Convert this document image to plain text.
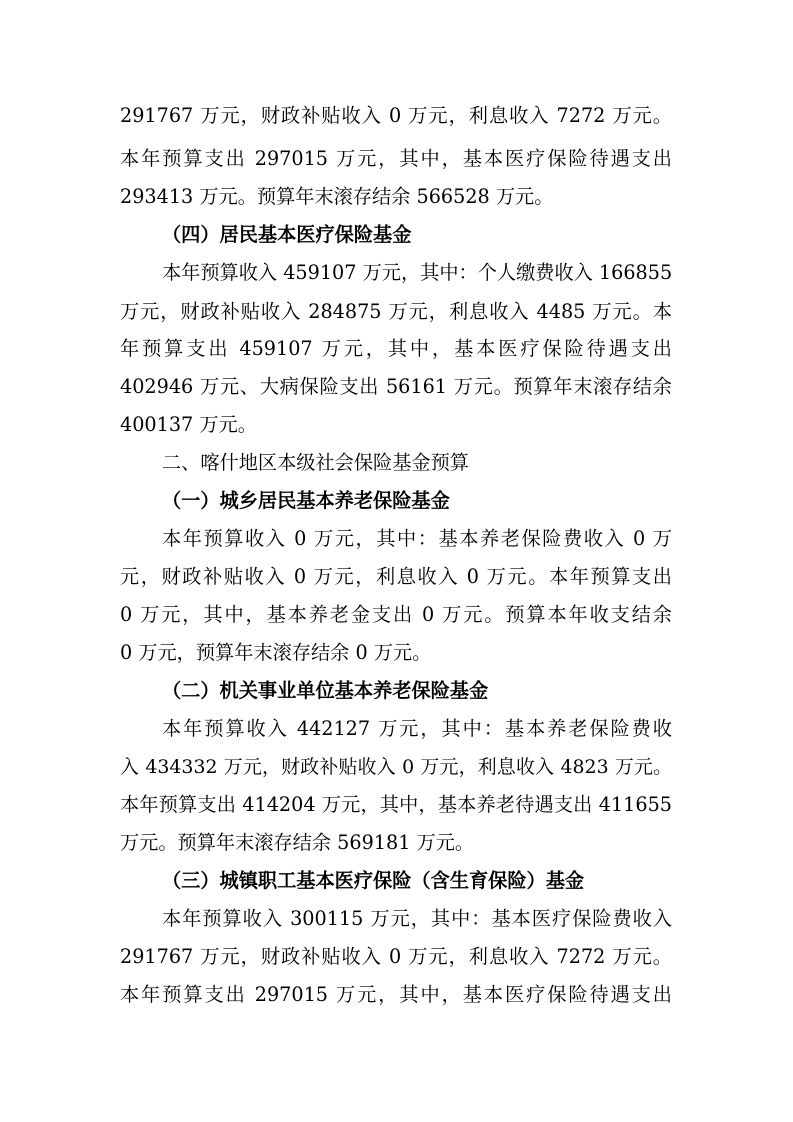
291767 万元，财政补贴收入 0 万元，利息收入 7272 万元。
本年预算支出 297015 万元，其中，基本医疗保险待遇支出
293413 万元。预算年末滚存结余 566528 万元。
（四）居民基本医疗保险基金
本年预算收入 459107 万元，其中：个人缴费收入 166855
万元，财政补贴收入 284875 万元，利息收入 4485 万元。本
年预算支出 459107 万元，其中，基本医疗保险待遇支出
402946 万元、大病保险支出 56161 万元。预算年末滚存结余
400137 万元。
二、喀什地区本级社会保险基金预算
（一）城乡居民基本养老保险基金
本年预算收入 0 万元，其中：基本养老保险费收入 0 万
元，财政补贴收入 0 万元，利息收入 0 万元。本年预算支出
0 万元，其中，基本养老金支出 0 万元。预算本年收支结余
0 万元，预算年末滚存结余 0 万元。
（二）机关事业单位基本养老保险基金
本年预算收入 442127 万元，其中：基本养老保险费收
入 434332 万元，财政补贴收入 0 万元，利息收入 4823 万元。
本年预算支出 414204 万元，其中，基本养老待遇支出 411655
万元。预算年末滚存结余 569181 万元。
（三）城镇职工基本医疗保险（含生育保险）基金
本年预算收入 300115 万元，其中：基本医疗保险费收入
291767 万元，财政补贴收入 0 万元，利息收入 7272 万元。
本年预算支出 297015 万元，其中，基本医疗保险待遇支出
